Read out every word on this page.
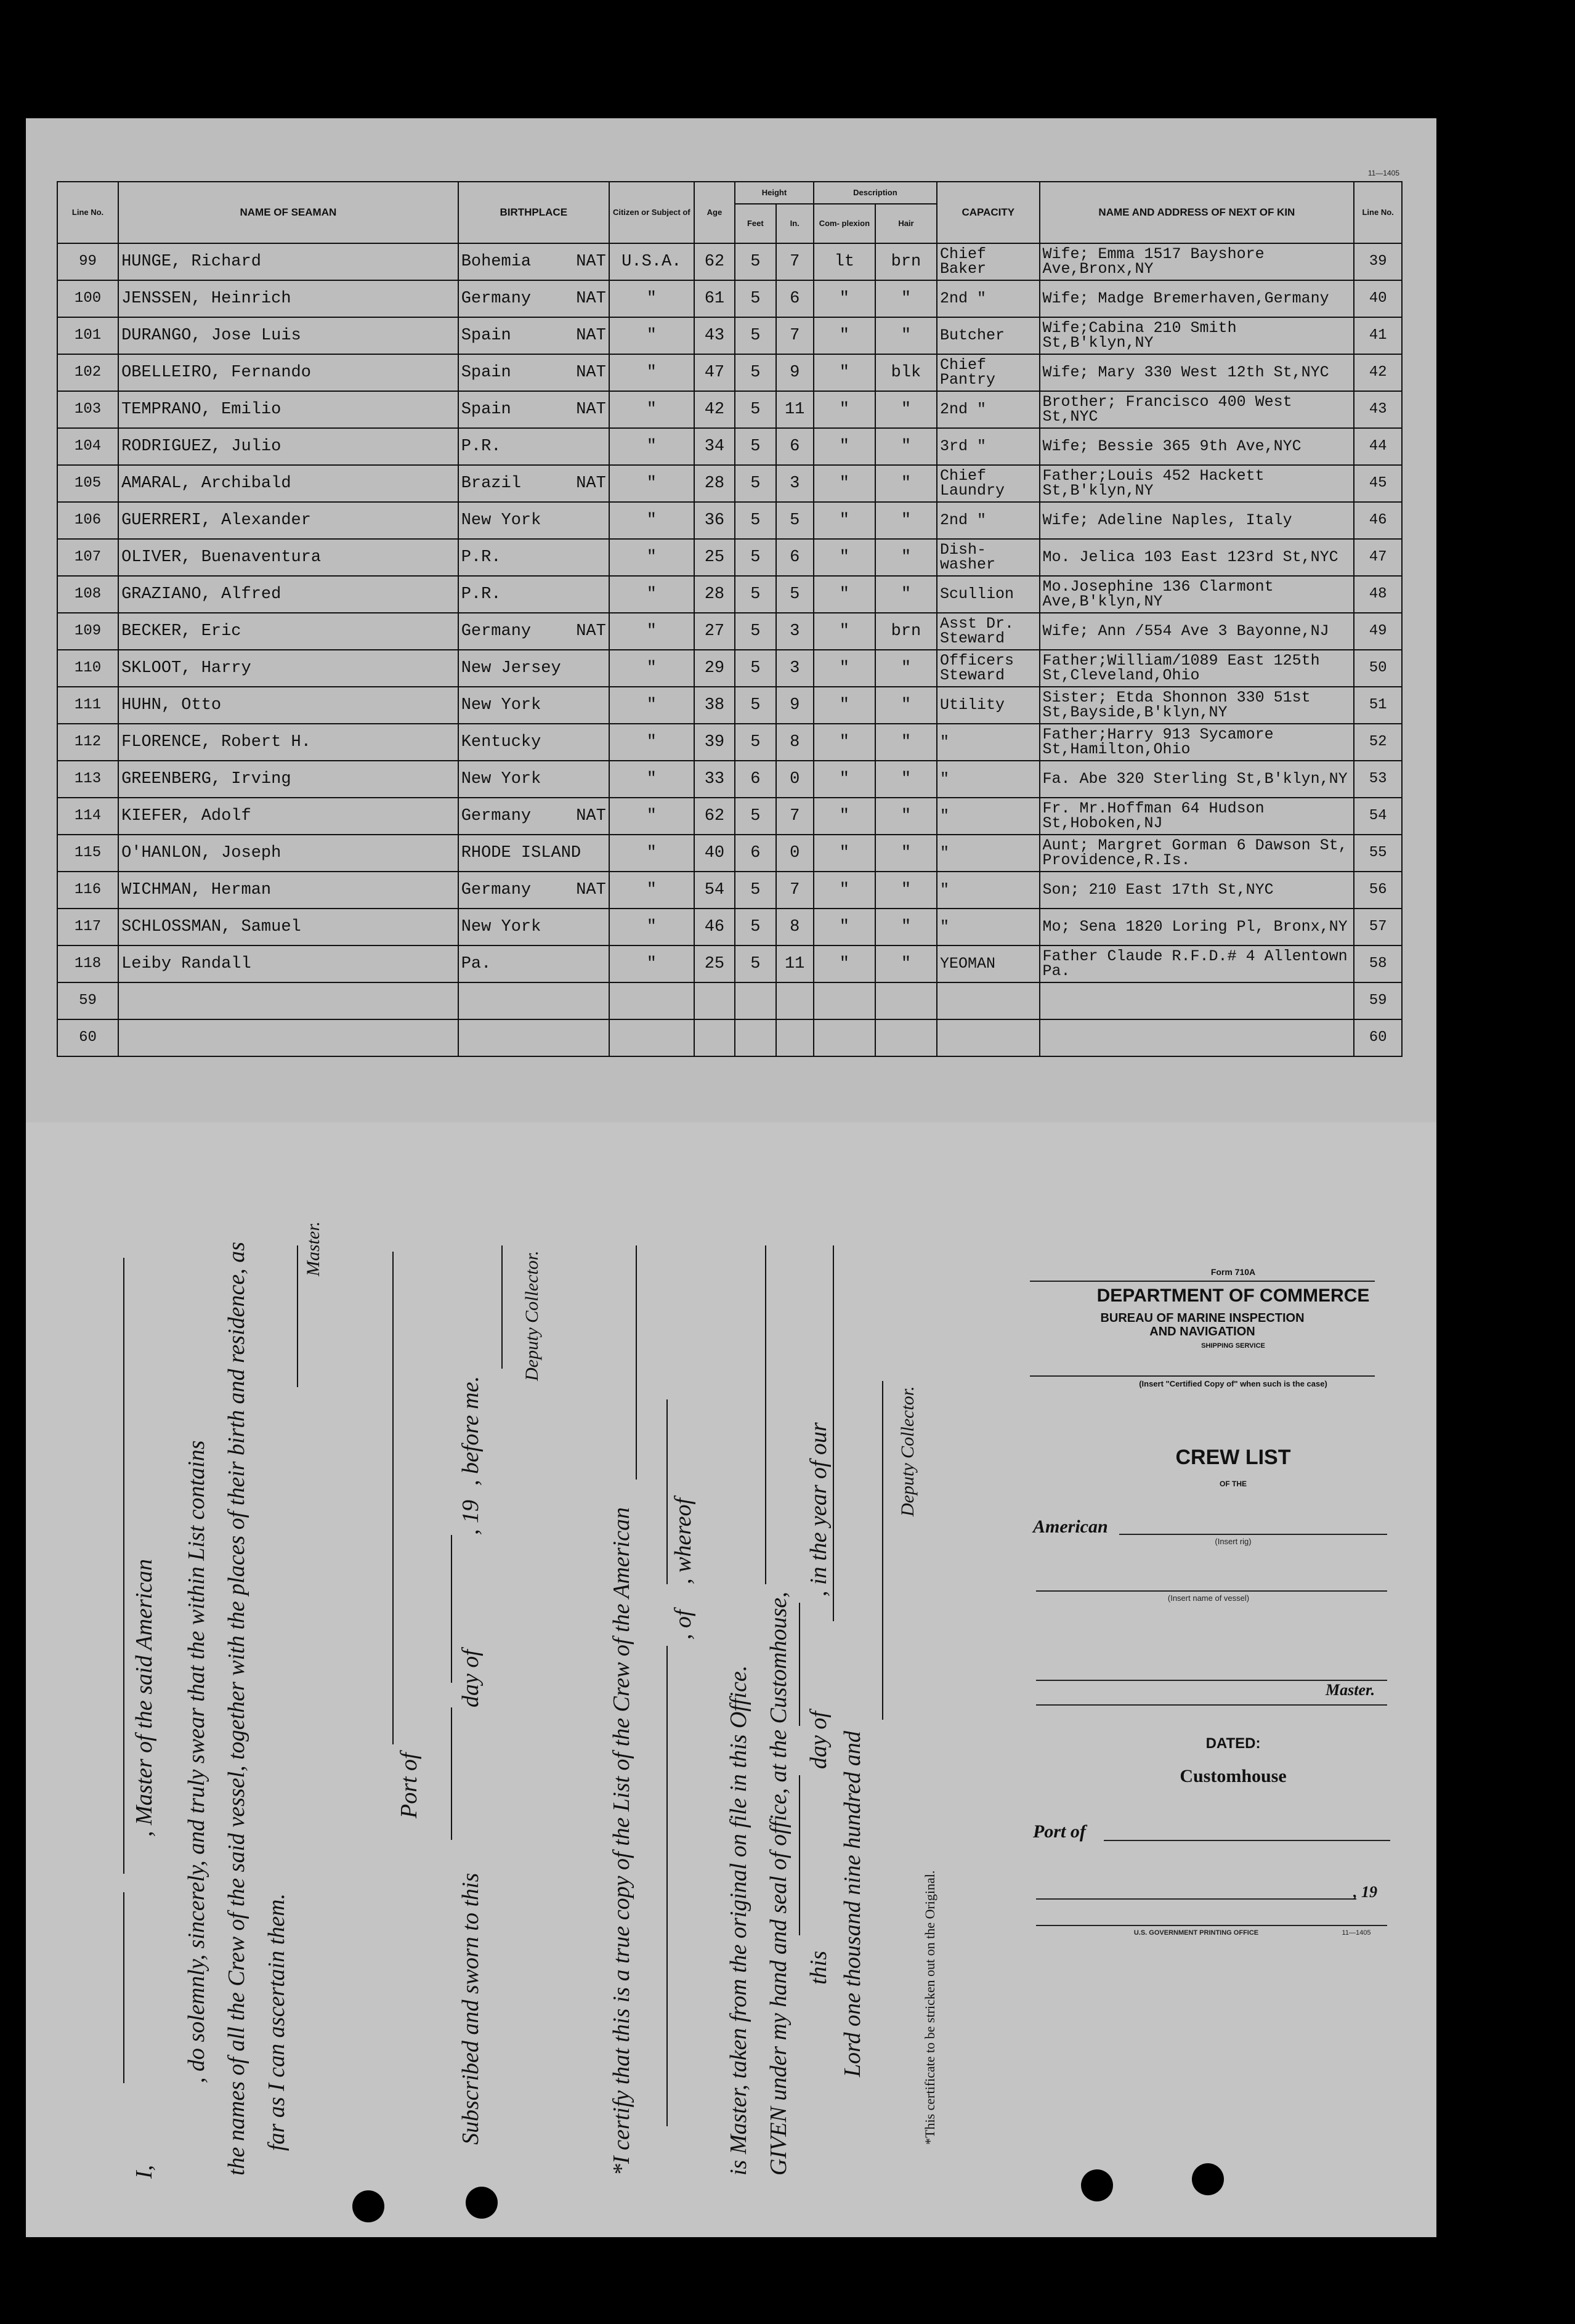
11—1405
Line No.	NAME OF SEAMAN	BIRTHPLACE	Citizen or Subject of	Age	Height		Description		CAPACITY	NAME AND ADDRESS OF NEXT OF KIN	Line No.
					Feet	In.	Com- plexion	Hair			
99	HUNGE, Richard	Bohemia NAT	U.S.A.	62	5	7	lt	brn	Chief Baker	Wife; Emma 1517 Bayshore Ave,Bronx,NY	39
100	JENSSEN, Heinrich	Germany NAT	"	61	5	6	"	"	2nd "	Wife; Madge Bremerhaven,Germany	40
101	DURANGO, Jose Luis	Spain NAT	"	43	5	7	"	"	Butcher	Wife;Cabina 210 Smith St,B'klyn,NY	41
102	OBELLEIRO, Fernando	Spain NAT	"	47	5	9	"	blk	Chief Pantry	Wife; Mary 330 West 12th St,NYC	42
103	TEMPRANO, Emilio	Spain NAT	"	42	5	11	"	"	2nd "	Brother; Francisco 400 West St,NYC	43
104	RODRIGUEZ, Julio	P.R.	"	34	5	6	"	"	3rd "	Wife; Bessie 365 9th Ave,NYC	44
105	AMARAL, Archibald	Brazil NAT	"	28	5	3	"	"	Chief Laundry	Father;Louis 452 Hackett St,B'klyn,NY	45
106	GUERRERI, Alexander	New York	"	36	5	5	"	"	2nd "	Wife; Adeline Naples, Italy	46
107	OLIVER, Buenaventura	P.R.	"	25	5	6	"	"	Dish-washer	Mo. Jelica 103 East 123rd St,NYC	47
108	GRAZIANO, Alfred	P.R.	"	28	5	5	"	"	Scullion	Mo.Josephine 136 Clarmont Ave,B'klyn,NY	48
109	BECKER, Eric	Germany NAT	"	27	5	3	"	brn	Asst Dr. Steward	Wife; Ann /554 Ave 3 Bayonne,NJ	49
110	SKLOOT, Harry	New Jersey	"	29	5	3	"	"	Officers Steward	Father;William/1089 East 125th St,Cleveland,Ohio	50
111	HUHN, Otto	New York	"	38	5	9	"	"	Utility	Sister; Etda Shonnon 330 51st St,Bayside,B'klyn,NY	51
112	FLORENCE, Robert H.	Kentucky	"	39	5	8	"	"	"	Father;Harry 913 Sycamore St,Hamilton,Ohio	52
113	GREENBERG, Irving	New York	"	33	6	0	"	"	"	Fa. Abe 320 Sterling St,B'klyn,NY	53
114	KIEFER, Adolf	Germany NAT	"	62	5	7	"	"	"	Fr. Mr.Hoffman 64 Hudson St,Hoboken,NJ	54
115	O'HANLON, Joseph	RHODE ISLAND	"	40	6	0	"	"	"	Aunt; Margret Gorman 6 Dawson St, Providence,R.Is.	55
116	WICHMAN, Herman	Germany NAT	"	54	5	7	"	"	"	Son; 210 East 17th St,NYC	56
117	SCHLOSSMAN, Samuel	New York	"	46	5	8	"	"	"	Mo; Sena 1820 Loring Pl, Bronx,NY	57
118	Leiby Randall	Pa.	"	25	5	11	"	"	YEOMAN	Father Claude R.F.D.# 4 Allentown Pa.	58
59											59
60											60
I,
, Master of the said American , do solemnly, sincerely, and truly swear that the within List contains the names of all the Crew of the said vessel, together with the places of their birth and residence, as far as I can ascertain them.
Master.
Port of
Subscribed and sworn to this
day of
, 19
, before me.
Deputy Collector.
*I certify that this is a true copy of the List of the Crew of the American , of
, whereof
is Master, taken from the original on file in this Office. GIVEN under my hand and seal of office, at the Customhouse, this
day of
, in the year of our
Lord one thousand nine hundred and
Deputy Collector.
*This certificate to be stricken out on the Original.
Form 710A
DEPARTMENT OF COMMERCE
BUREAU OF MARINE INSPECTION AND NAVIGATION
SHIPPING SERVICE
(Insert "Certified Copy of" when such is the case)
CREW LIST
OF THE
American
(Insert rig)
(Insert name of vessel)
Master.
DATED:
Customhouse
Port of
, 19
U.S. GOVERNMENT PRINTING OFFICE	11—1405
